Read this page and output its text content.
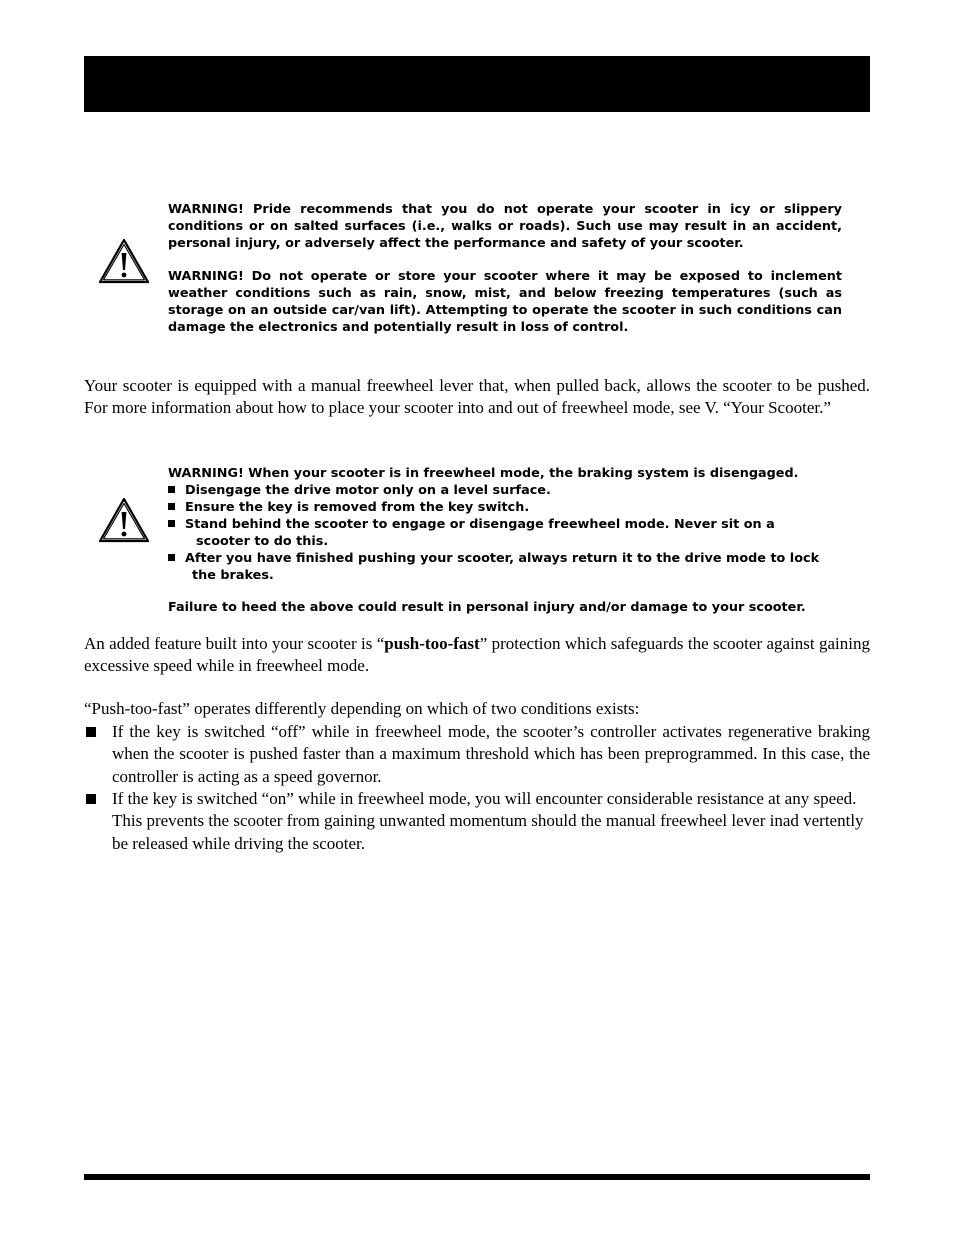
WARNING! Pride recommends that you do not operate your scooter in icy or slippery conditions or on salted surfaces (i.e., walks or roads). Such use may result in an accident, personal injury, or adversely affect the performance and safety of your scooter.

WARNING! Do not operate or store your scooter where it may be exposed to inclement weather conditions such as rain, snow, mist, and below freezing temperatures (such as storage on an outside car/van lift). Attempting to operate the scooter in such conditions can damage the electronics and potentially result in loss of control.

Your scooter is equipped with a manual freewheel lever that, when pulled back, allows the scooter to be pushed. For more information about how to place your scooter into and out of freewheel mode, see V. “Your Scooter.”

WARNING! When your scooter is in freewheel mode, the braking system is disengaged.
Disengage the drive motor only on a level surface.
Ensure the key is removed from the key switch.
Stand behind the scooter to engage or disengage freewheel mode. Never sit on a
scooter to do this.
After you have finished pushing your scooter, always return it to the drive mode to lock
the brakes.
Failure to heed the above could result in personal injury and/or damage to your scooter.

An added feature built into your scooter is “push-too-fast” protection which safeguards the scooter against gaining excessive speed while in freewheel mode.

“Push-too-fast” operates differently depending on which of two conditions exists:

If the key is switched “off” while in freewheel mode, the scooter’s controller activates regenerative braking when the scooter is pushed faster than a maximum threshold which has been preprogrammed. In this case, the controller is acting as a speed governor.

If the key is switched “on” while in freewheel mode, you will encounter considerable resistance at any speed.
This prevents the scooter from gaining unwanted momentum should the manual freewheel lever inad vertently be released while driving the scooter.
